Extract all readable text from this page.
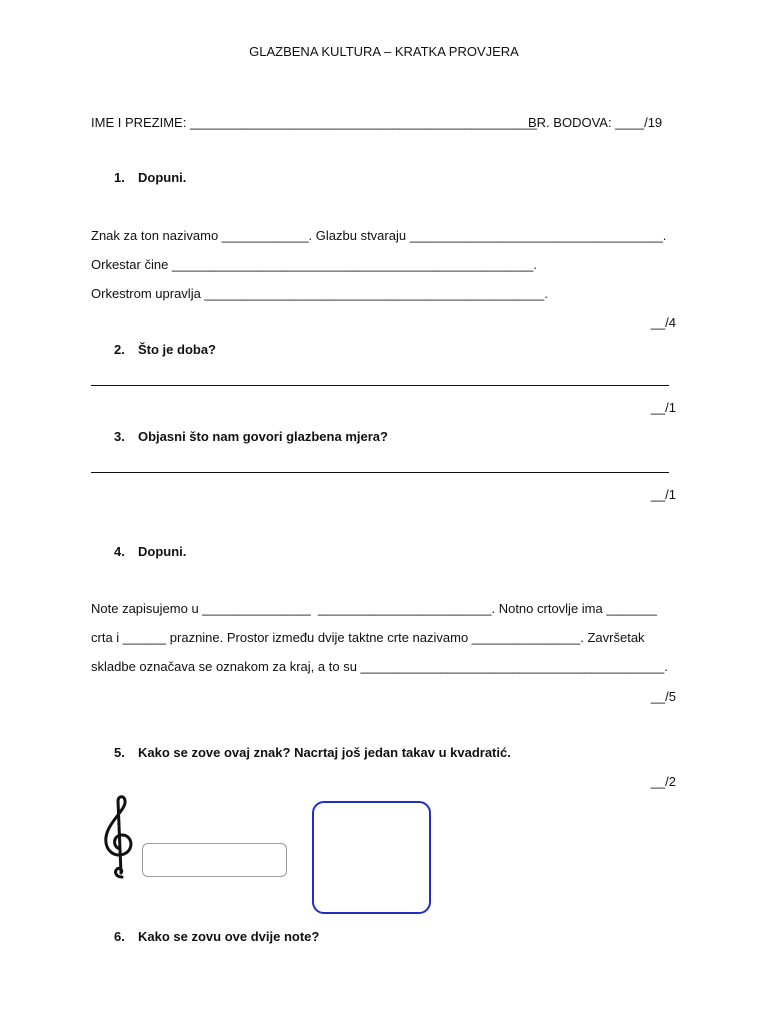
GLAZBENA KULTURA – KRATKA PROVJERA
IME I PREZIME: ________________________________________________
BR. BODOVA: ____/19
1. Dopuni.
Znak za ton nazivamo ____________. Glazbu stvaraju ___________________________________.
Orkestar čine __________________________________________________.
Orkestrom upravlja _______________________________________________.
__/4
2. Što je doba?
__/1
3. Objasni što nam govori glazbena mjera?
__/1
4. Dopuni.
Note zapisujemo u _______________  ________________________. Notno crtovlje ima _______
crta i ______ praznine. Prostor između dvije taktne crte nazivamo _______________. Završetak
skladbe označava se oznakom za kraj, a to su __________________________________________.
__/5
5. Kako se zove ovaj znak? Nacrtaj još jedan takav u kvadratić.
__/2
6. Kako se zovu ove dvije note?
